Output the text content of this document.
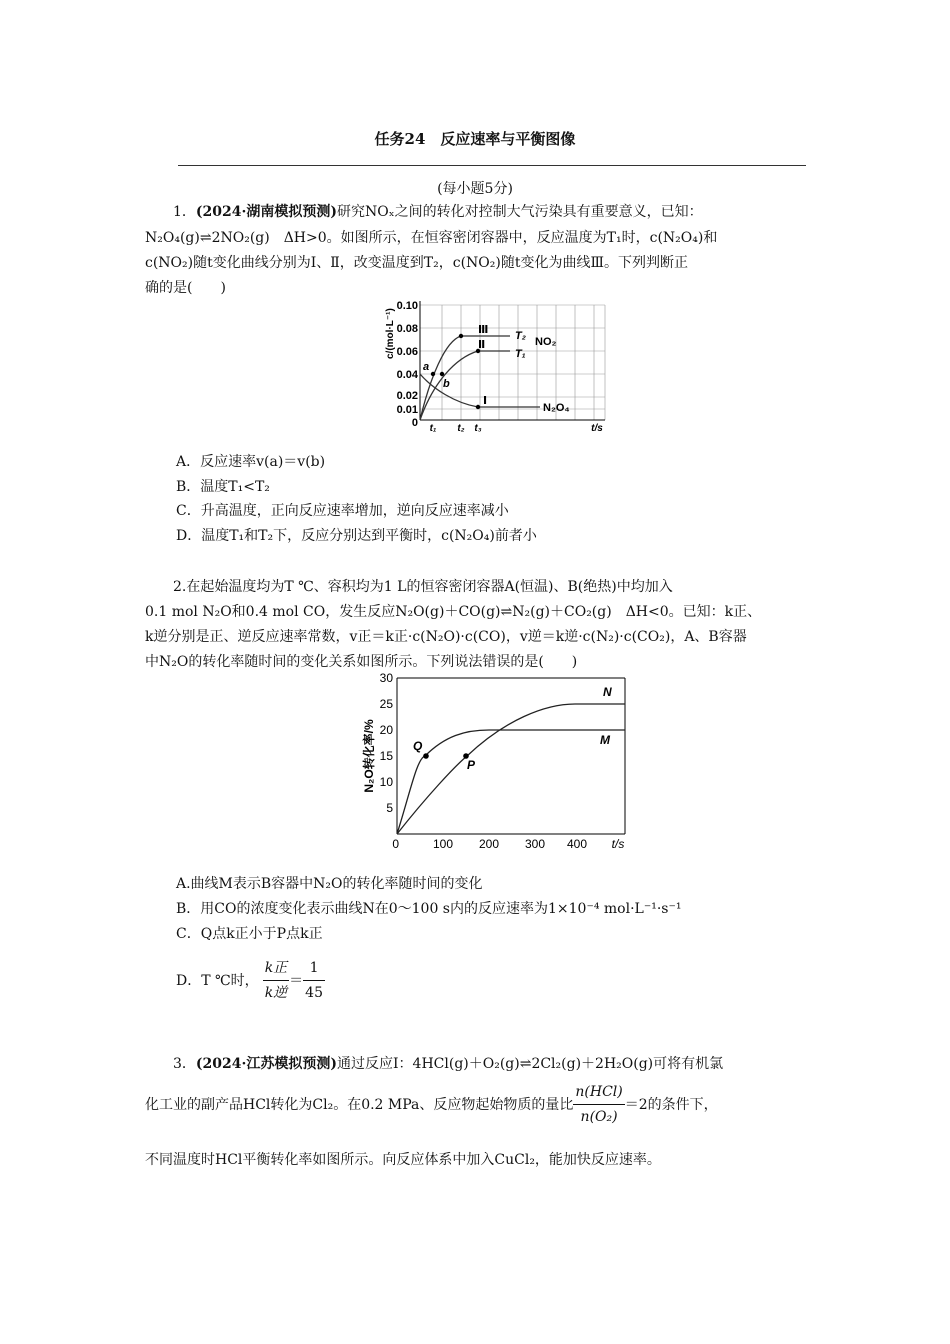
任务24　反应速率与平衡图像
(每小题5分)
1．(2024·湖南模拟预测)研究NOₓ之间的转化对控制大气污染具有重要意义，已知：
N₂O₄(g)⇌2NO₂(g)　ΔH>0。如图所示，在恒容密闭容器中，反应温度为T₁时，c(N₂O₄)和
c(NO₂)随t变化曲线分别为Ⅰ、Ⅱ，改变温度到T₂，c(NO₂)随t变化为曲线Ⅲ。下列判断正
确的是(　　)
c/(mol·L⁻¹)
0.10
0.08
0.06
0.04
0.02
0.01
0 t₁ t₂ t₃	t/s
Ⅲ
Ⅱ
Ⅰ
T₂
T₁
NO₂
N₂O₄
a
b
A．反应速率v(a)＝v(b)
B．温度T₁<T₂
C．升高温度，正向反应速率增加，逆向反应速率减小
D．温度T₁和T₂下，反应分别达到平衡时，c(N₂O₄)前者小
2.在起始温度均为T ℃、容积均为1 L的恒容密闭容器A(恒温)、B(绝热)中均加入
0.1 mol N₂O和0.4 mol CO，发生反应N₂O(g)＋CO(g)⇌N₂(g)＋CO₂(g)　ΔH<0。已知：k正、
k逆分别是正、逆反应速率常数，v正＝k正·c(N₂O)·c(CO)，v逆＝k逆·c(N₂)·c(CO₂)，A、B容器
中N₂O的转化率随时间的变化关系如图所示。下列说法错误的是(　　)
30
25
20
15
10
5
0	100 200 300 400 t/s
N₂O转化率/%
N
M
Q
P
A.曲线M表示B容器中N₂O的转化率随时间的变化
B．用CO的浓度变化表示曲线N在0～100 s内的反应速率为1×10⁻⁴ mol·L⁻¹·s⁻¹
C．Q点k正小于P点k正
D．T ℃时， $\frac{\text{k正}}{\text{k逆}} = \frac{1}{45}$
3．(2024·江苏模拟预测)通过反应Ⅰ：4HCl(g)＋O₂(g)⇌2Cl₂(g)＋2H₂O(g)可将有机氯
化工业的副产品HCl转化为Cl₂。在0.2 MPa、反应物起始物质的量比 $\frac{\text{n(HCl)}}{\text{n(O₂)}} =2$的条件下，
不同温度时HCl平衡转化率如图所示。向反应体系中加入CuCl₂，能加快反应速率。
